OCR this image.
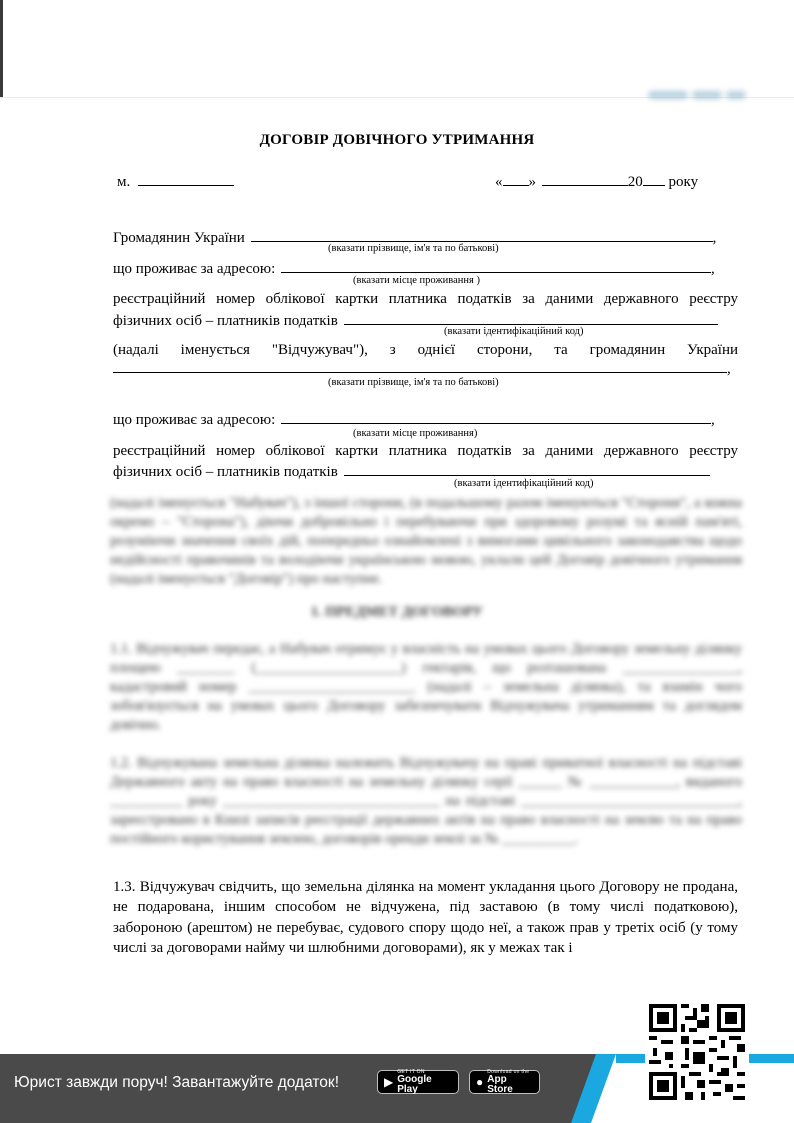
ДОГОВІР ДОВІЧНОГО УТРИМАННЯ
м.	« »	20 року
Громадянин України	,
(вказати прізвище, ім'я та по батькові)
що проживає за адресою:	,
(вказати місце проживання )
реєстраційний номер облікової картки платника податків за даними державного реєстру
фізичних осіб – платників податків
(вказати ідентифікаційний код)
(надалі іменується "Відчужувач"), з однієї сторони, та громадянин України
,
(вказати прізвище, ім'я та по батькові)
що проживає за адресою:	,
(вказати місце проживання)
реєстраційний номер облікової картки платника податків за даними державного реєстру
фізичних осіб – платників податків
(вказати ідентифікаційний код)
(надалі іменується "Набувач"), з іншої сторони, (в подальшому разом іменуються "Сторони", а кожна окремо – "Сторона"), діючи добровільно і перебуваючи при здоровому розумі та ясній пам'яті, розуміючи значення своїх дій, попередньо ознайомлені з вимогами цивільного законодавства щодо недійсності правочинів та володіючи українською мовою, уклали цей Договір довічного утримання (надалі іменується "Договір") про наступне.
1. ПРЕДМЕТ ДОГОВОРУ
1.1. Відчужувач передає, а Набувач отримує у власність на умовах цього Договору земельну ділянку площею ________ (____________________) гектарів, що розташована ________________, кадастровий номер _______________________ (надалі – земельна ділянка), та взамін чого зобов'язується на умовах цього Договору забезпечувати Відчужувача утриманням та доглядом довічно.
1.2. Відчужувана земельна ділянка належить Відчужувачу на праві приватної власності на підставі Державного акту на право власності на земельну ділянку серії ______ № ____________, виданого __________ року ______________________________ на підставі ______________________________, зареєстровано в Книзі записів реєстрації державних актів на право власності на землю та на право постійного користування землею, договорів оренди землі за № __________.
1.3. Відчужувач свідчить, що земельна ділянка на момент укладання цього Договору не продана, не подарована, іншим способом не відчужена, під заставою (в тому числі податковою), забороною (арештом) не перебуває, судового спору щодо неї, а також прав у третіх осіб (у тому числі за договорами найму чи шлюбними договорами), як у межах так і
Юрист завжди поруч! Завантажуйте додаток!	▶
GET IT ON
Google Play	●
Download on the
App Store
